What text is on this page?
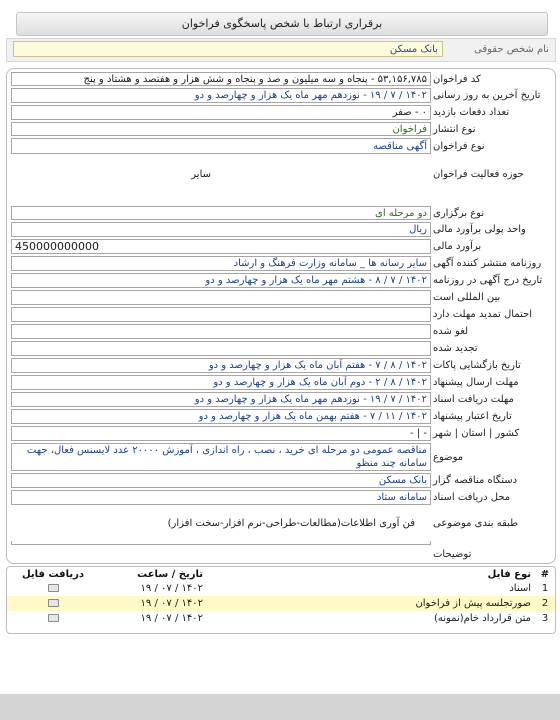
برقراری ارتباط با شخص پاسخگوی فراخوان
نام شخص حقوقی
بانک مسکن
کد فراخوان
۵۳,۱۵۶,۷۸۵ - پنجاه و سه میلیون و صد و پنجاه و شش هزار و هفتصد و هشتاد و پنج
تاریخ آخرین به روز رسانی
۱۴۰۲ / ۷ / ۱۹ - نوزدهم مهر ماه یک هزار و چهارصد و دو
تعداد دفعات بازدید
۰ - صفر
نوع انتشار
فراخوان
نوع فراخوان
آگهی مناقصه
حوزه فعالیت فراخوان
سایر
نوع برگزاری
دو مرحله ای
واحد پولی برآورد مالی
ریال
برآورد مالی
450000000000
روزنامه منتشر کننده آگهی
سایر رسانه ها _ سامانه وزارت فرهنگ و ارشاد
تاریخ درج آگهی در روزنامه
۱۴۰۲ / ۷ / ۸ - هشتم مهر ماه یک هزار و چهارصد و دو
بین المللی است
احتمال تمدید مهلت دارد
لغو شده
تجدید شده
تاریخ بازگشایی پاکات
۱۴۰۲ / ۸ / ۷ - هفتم آبان ماه یک هزار و چهارصد و دو
مهلت ارسال پیشنهاد
۱۴۰۲ / ۸ / ۲ - دوم آبان ماه یک هزار و چهارصد و دو
مهلت دریافت اسناد
۱۴۰۲ / ۷ / ۱۹ - نوزدهم مهر ماه یک هزار و چهارصد و دو
تاریخ اعتبار پیشنهاد
۱۴۰۲ / ۱۱ / ۷ - هفتم بهمن ماه یک هزار و چهارصد و دو
کشور | استان | شهر
- | -
موضوع
مناقصه عمومی دو مرحله ای خرید ، نصب ، راه اندازی ، آموزش ۲۰۰۰۰ عدد لایسنس فعال، جهت سامانه چند منظو
دستگاه مناقصه گزار
بانک مسکن
محل دریافت اسناد
سامانه ستاد
طبقه بندی موضوعی
فن آوری اطلاعات(مطالعات-طراحی-نرم افزار-سخت افزار)
توضیحات
#	نوع فایل	تاریخ / ساعت	دریافت فایل
1	اسناد	۱۴۰۲ / ۰۷ / ۱۹	
2	صورتجلسه پیش از فراخوان	۱۴۰۲ / ۰۷ / ۱۹	
3	متن قرارداد خام(نمونه)	۱۴۰۲ / ۰۷ / ۱۹	
